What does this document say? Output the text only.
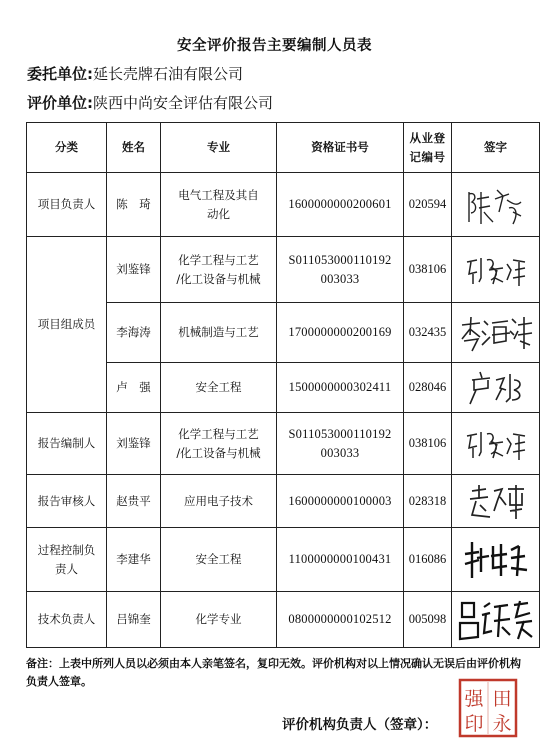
安全评价报告主要编制人员表
委托单位:延长壳牌石油有限公司
评价单位:陕西中尚安全评估有限公司
分类	姓名	专业	资格证书号	从业登
记编号	签字
项目负责人	陈　琦	电气工程及其自
动化	1600000000200601	020594	

项目组成员	刘鉴锋	化学工程与工艺
/化工设备与机械	S011053000110192
003033	038106	

	李海涛	机械制造与工艺	1700000000200169	032435	

	卢　强	安全工程	1500000000302411	028046	

报告编制人	刘鉴锋	化学工程与工艺
/化工设备与机械	S011053000110192
003033	038106	

报告审核人	赵贵平	应用电子技术	1600000000100003	028318	

过程控制负
责人	李建华	安全工程	1100000000100431	016086	

技术负责人	吕锦奎	化学专业	0800000000102512	005098	
备注：上表中所列人员以必须由本人亲笔签名，复印无效。评价机构对以上情况确认无误后由评价机构负责人签章。
强 田
印 永
评价机构负责人（签章）：
